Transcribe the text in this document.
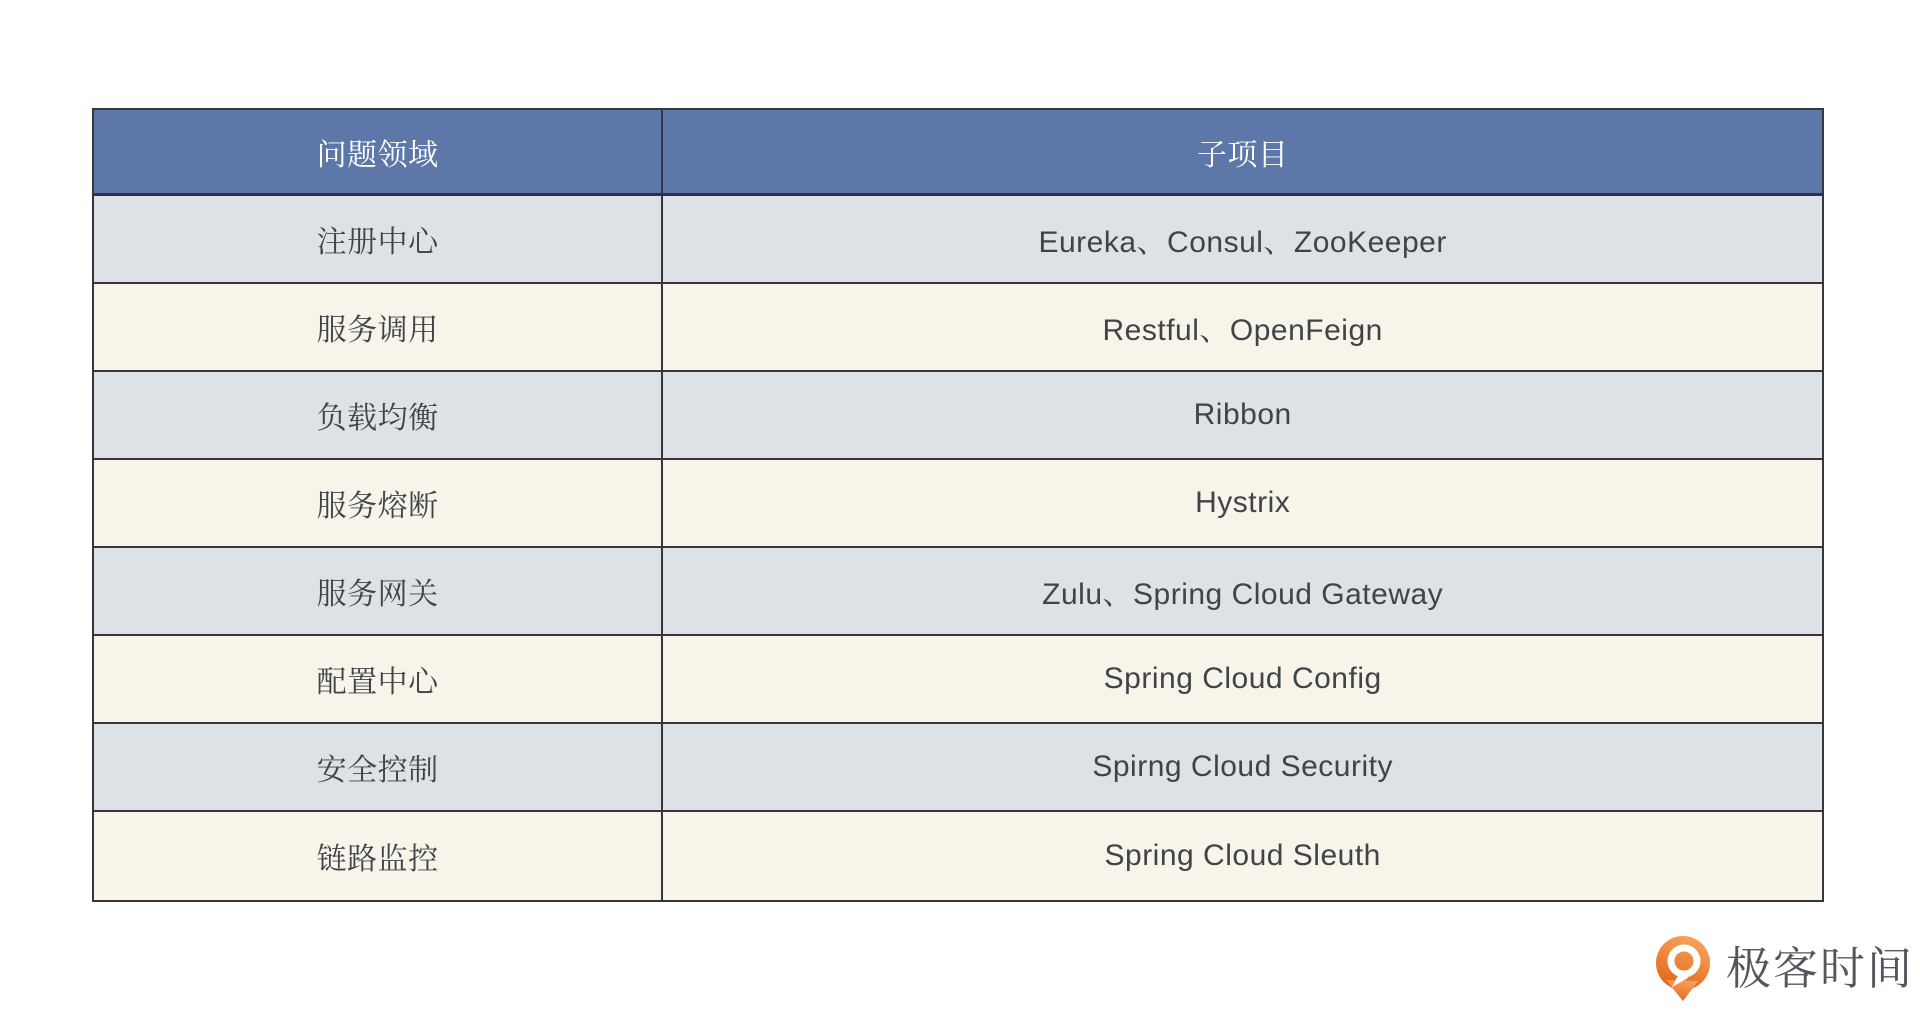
问题领域	子项目
注册中心	Eureka、Consul、ZooKeeper
服务调用	Restful、OpenFeign
负载均衡	Ribbon
服务熔断	Hystrix
服务网关	Zulu、Spring Cloud Gateway
配置中心	Spring Cloud Config
安全控制	Spirng Cloud Security
链路监控	Spring Cloud Sleuth
极客时间
